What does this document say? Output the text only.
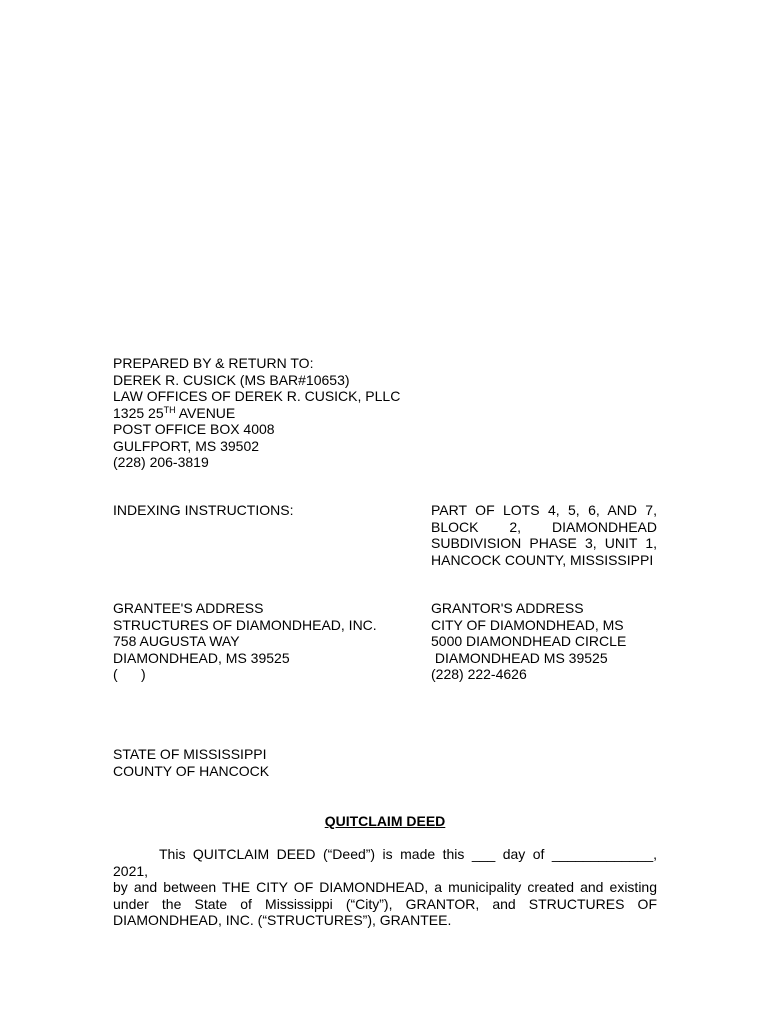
PREPARED BY & RETURN TO:
DEREK R. CUSICK (MS BAR#10653)
LAW OFFICES OF DEREK R. CUSICK, PLLC
1325 25TH AVENUE
POST OFFICE BOX 4008
GULFPORT, MS 39502
(228) 206-3819
INDEXING INSTRUCTIONS:	PART OF LOTS 4, 5, 6, AND 7,
BLOCK 2, DIAMONDHEAD
SUBDIVISION PHASE 3, UNIT 1,
HANCOCK COUNTY, MISSISSIPPI
GRANTEE'S ADDRESS
STRUCTURES OF DIAMONDHEAD, INC.
758 AUGUSTA WAY
DIAMONDHEAD, MS 39525
(      )
GRANTOR'S ADDRESS
CITY OF DIAMONDHEAD, MS
5000 DIAMONDHEAD CIRCLE
DIAMONDHEAD MS 39525
(228) 222-4626
STATE OF MISSISSIPPI
COUNTY OF HANCOCK
QUITCLAIM DEED
This QUITCLAIM DEED (“Deed”) is made this ___ day of _____________, 2021,
by and between THE CITY OF DIAMONDHEAD, a municipality created and existing
under the State of Mississippi (“City”), GRANTOR, and STRUCTURES OF
DIAMONDHEAD, INC. (“STRUCTURES”), GRANTEE.
